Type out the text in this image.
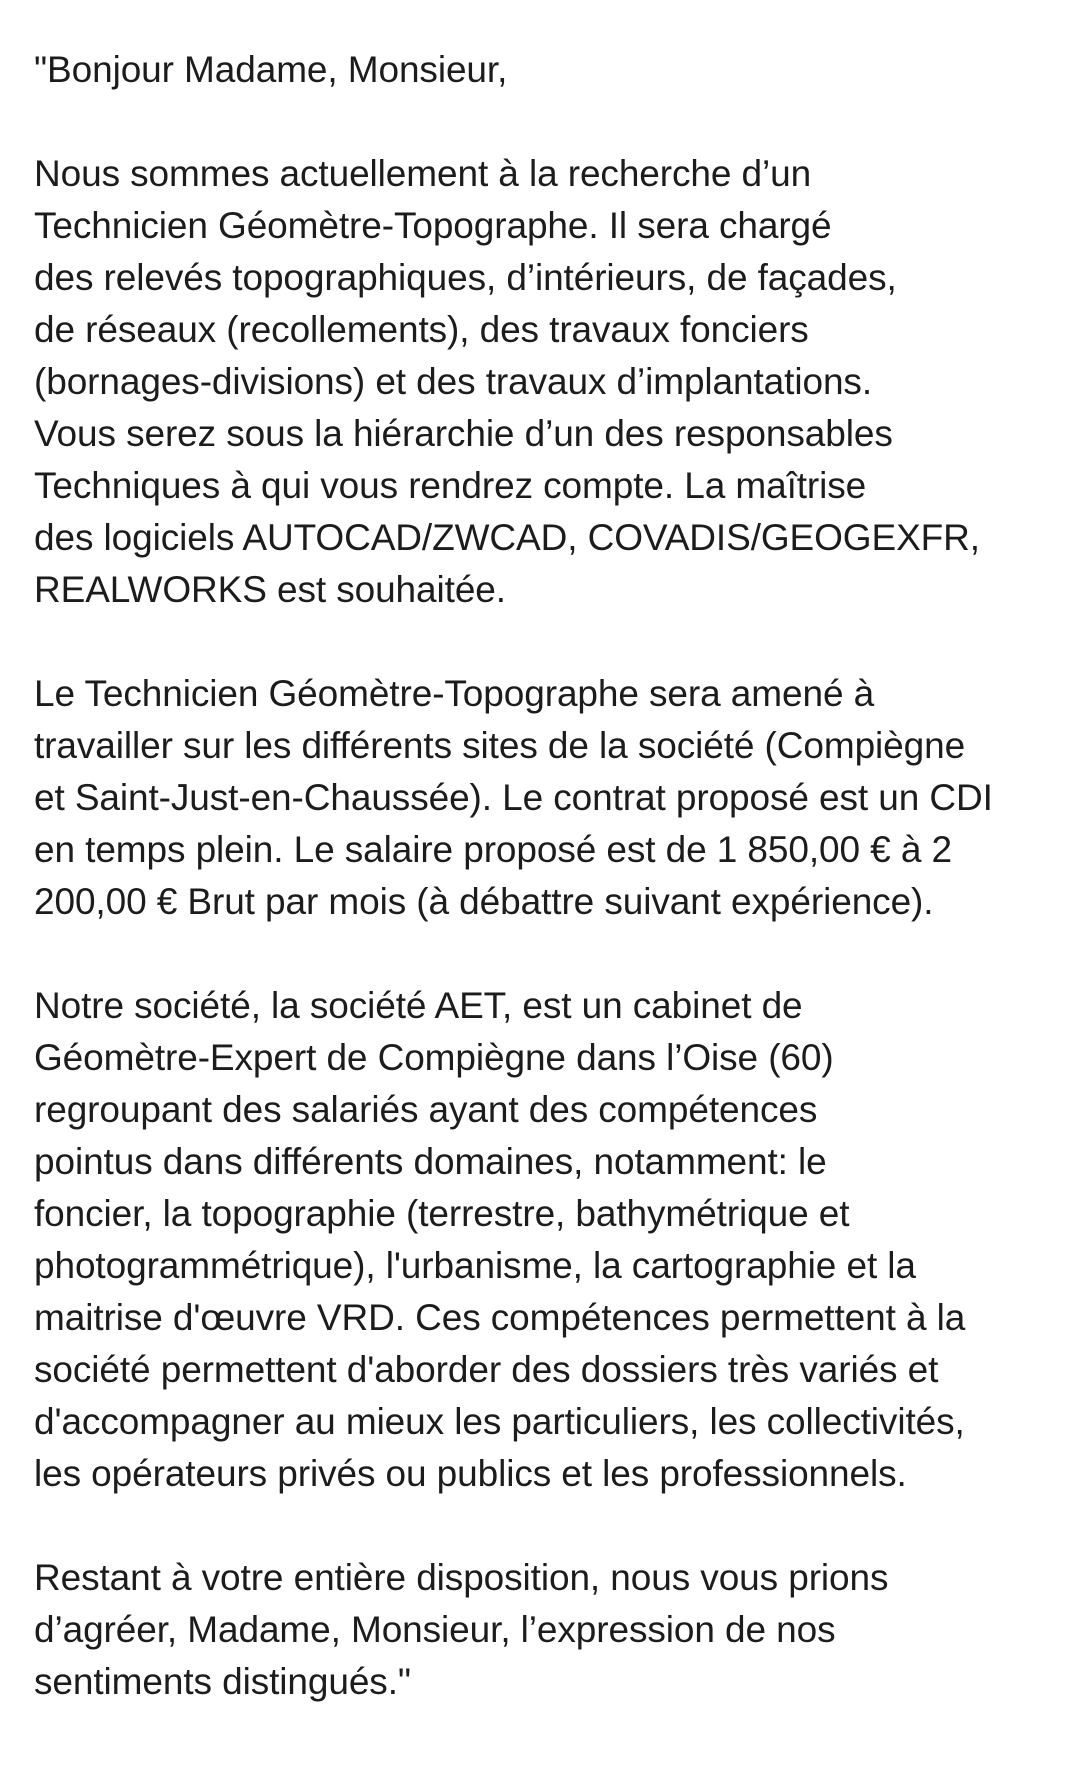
"Bonjour Madame, Monsieur,
Nous sommes actuellement à la recherche d’un
Technicien Géomètre-Topographe. Il sera chargé
des relevés topographiques, d’intérieurs, de façades,
de réseaux (recollements), des travaux fonciers
(bornages-divisions) et des travaux d’implantations.
Vous serez sous la hiérarchie d’un des responsables
Techniques à qui vous rendrez compte. La maîtrise
des logiciels AUTOCAD/ZWCAD, COVADIS/GEOGEXFR,
REALWORKS est souhaitée.
Le Technicien Géomètre-Topographe sera amené à
travailler sur les différents sites de la société (Compiègne
et Saint-Just-en-Chaussée). Le contrat proposé est un CDI
en temps plein. Le salaire proposé est de 1 850,00 € à 2
200,00 € Brut par mois (à débattre suivant expérience).
Notre société, la société AET, est un cabinet de
Géomètre-Expert de Compiègne dans l’Oise (60)
regroupant des salariés ayant des compétences
pointus dans différents domaines, notamment: le
foncier, la topographie (terrestre, bathymétrique et
photogrammétrique), l'urbanisme, la cartographie et la
maitrise d'œuvre VRD. Ces compétences permettent à la
société permettent d'aborder des dossiers très variés et
d'accompagner au mieux les particuliers, les collectivités,
les opérateurs privés ou publics et les professionnels.
Restant à votre entière disposition, nous vous prions
d’agréer, Madame, Monsieur, l’expression de nos
sentiments distingués."
